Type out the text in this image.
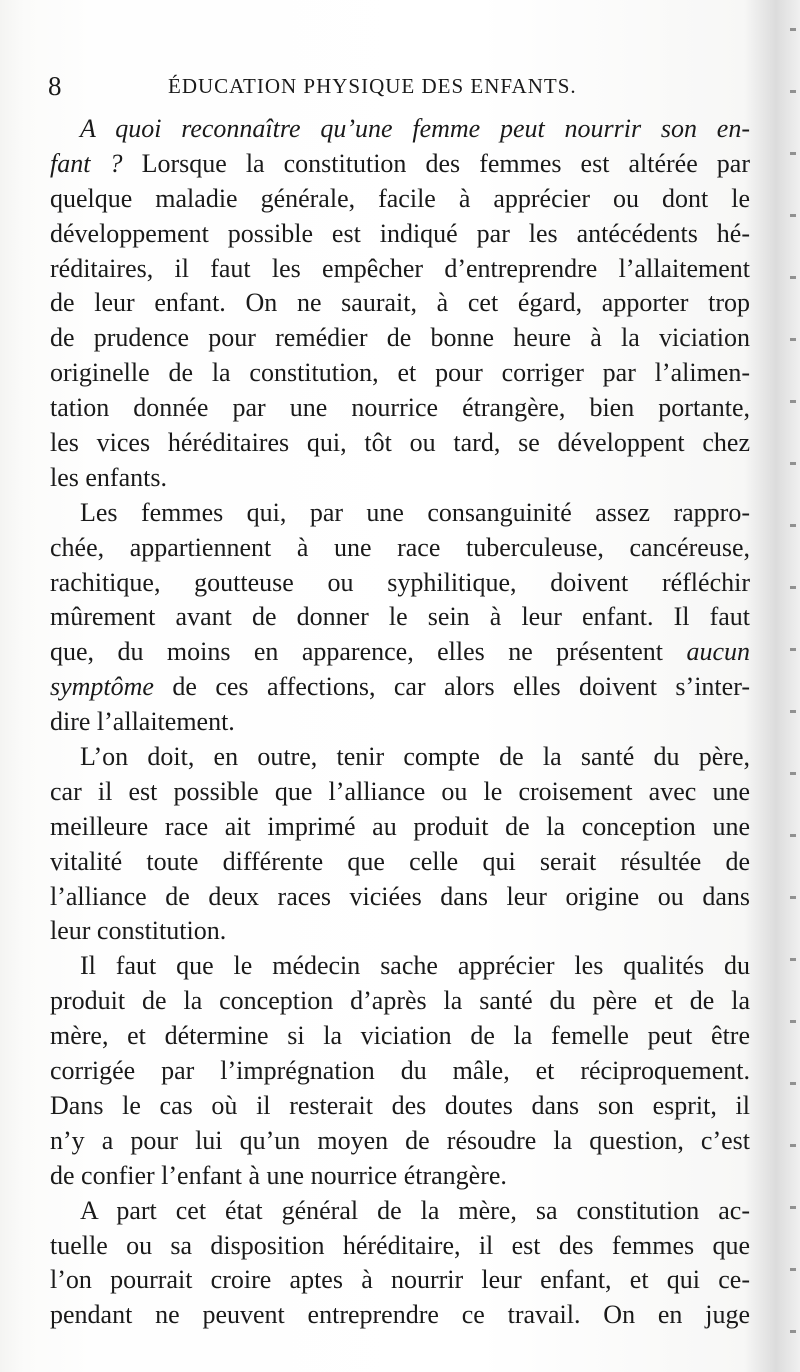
8	ÉDUCATION PHYSIQUE DES ENFANTS.
A quoi reconnaître qu’une femme peut nourrir son en-
fant ? Lorsque la constitution des femmes est altérée par
quelque maladie générale, facile à apprécier ou dont le
développement possible est indiqué par les antécédents hé-
réditaires, il faut les empêcher d’entreprendre l’allaitement
de leur enfant. On ne saurait, à cet égard, apporter trop
de prudence pour remédier de bonne heure à la viciation
originelle de la constitution, et pour corriger par l’alimen-
tation donnée par une nourrice étrangère, bien portante,
les vices héréditaires qui, tôt ou tard, se développent chez
les enfants.
Les femmes qui, par une consanguinité assez rappro-
chée, appartiennent à une race tuberculeuse, cancéreuse,
rachitique, goutteuse ou syphilitique, doivent réfléchir
mûrement avant de donner le sein à leur enfant. Il faut
que, du moins en apparence, elles ne présentent aucun
symptôme de ces affections, car alors elles doivent s’inter-
dire l’allaitement.
L’on doit, en outre, tenir compte de la santé du père,
car il est possible que l’alliance ou le croisement avec une
meilleure race ait imprimé au produit de la conception une
vitalité toute différente que celle qui serait résultée de
l’alliance de deux races viciées dans leur origine ou dans
leur constitution.
Il faut que le médecin sache apprécier les qualités du
produit de la conception d’après la santé du père et de la
mère, et détermine si la viciation de la femelle peut être
corrigée par l’imprégnation du mâle, et réciproquement.
Dans le cas où il resterait des doutes dans son esprit, il
n’y a pour lui qu’un moyen de résoudre la question, c’est
de confier l’enfant à une nourrice étrangère.
A part cet état général de la mère, sa constitution ac-
tuelle ou sa disposition héréditaire, il est des femmes que
l’on pourrait croire aptes à nourrir leur enfant, et qui ce-
pendant ne peuvent entreprendre ce travail. On en juge
